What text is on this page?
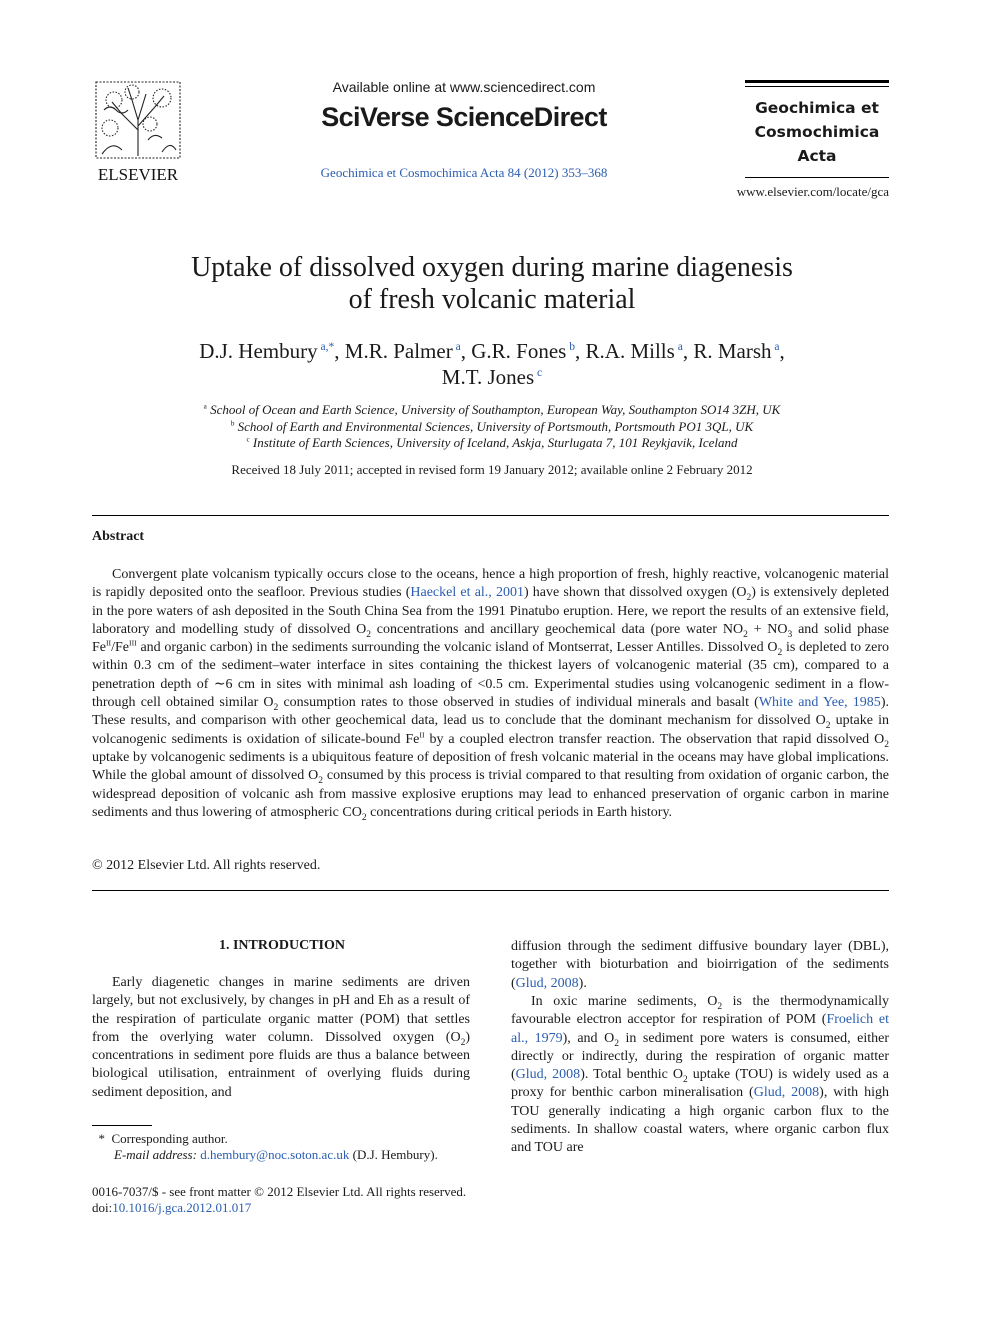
ELSEVIER
Available online at www.sciencedirect.com
SciVerse ScienceDirect
Geochimica et Cosmochimica Acta 84 (2012) 353–368
Geochimica et
Cosmochimica
Acta
www.elsevier.com/locate/gca
Uptake of dissolved oxygen during marine diagenesis
of fresh volcanic material
D.J. Hembury $^{a,*}$, M.R. Palmer $^a$, G.R. Fones $^b$, R.A. Mills $^a$, R. Marsh $^a$,
M.T. Jones $^c$
$^a$ School of Ocean and Earth Science, University of Southampton, European Way, Southampton SO14 3ZH, UK
$^b$ School of Earth and Environmental Sciences, University of Portsmouth, Portsmouth PO1 3QL, UK
$^c$ Institute of Earth Sciences, University of Iceland, Askja, Sturlugata 7, 101 Reykjavik, Iceland
Received 18 July 2011; accepted in revised form 19 January 2012; available online 2 February 2012
Abstract

Convergent plate volcanism typically occurs close to the oceans, hence a high proportion of fresh, highly reactive, volcanogenic material is rapidly deposited onto the seafloor. Previous studies (Haeckel et al., 2001) have shown that dissolved oxygen $(O_2)$ is extensively depleted in the pore waters of ash deposited in the South China Sea from the 1991 Pinatubo eruption. Here, we report the results of an extensive field, laboratory and modelling study of dissolved $O_2$ concentrations and ancillary geochemical data (pore water $NO_2 + NO_3$ and solid phase $Fe^{II}/Fe^{III}$ and organic carbon) in the sediments surrounding the volcanic island of Montserrat, Lesser Antilles. Dissolved $O_2$ is depleted to zero within 0.3 cm of the sediment–water interface in sites containing the thickest layers of volcanogenic material (35 cm), compared to a penetration depth of ∼6 cm in sites with minimal ash loading of <0.5 cm. Experimental studies using volcanogenic sediment in a flow-through cell obtained similar $O_2$ consumption rates to those observed in studies of individual minerals and basalt (White and Yee, 1985). These results, and comparison with other geochemical data, lead us to conclude that the dominant mechanism for dissolved $O_2$ uptake in volcanogenic sediments is oxidation of silicate-bound $Fe^{II}$ by a coupled electron transfer reaction. The observation that rapid dissolved $O_2$ uptake by volcanogenic sediments is a ubiquitous feature of deposition of fresh volcanic material in the oceans may have global implications. While the global amount of dissolved $O_2$ consumed by this process is trivial compared to that resulting from oxidation of organic carbon, the widespread deposition of volcanic ash from massive explosive eruptions may lead to enhanced preservation of organic carbon in marine sediments and thus lowering of atmospheric $CO_2$ concentrations during critical periods in Earth history.

© 2012 Elsevier Ltd. All rights reserved.
1. INTRODUCTION

Early diagenetic changes in marine sediments are driven largely, but not exclusively, by changes in pH and Eh as a result of the respiration of particulate organic matter (POM) that settles from the overlying water column. Dissolved oxygen $(O_2)$ concentrations in sediment pore fluids are thus a balance between biological utilisation, entrainment of overlying fluids during sediment deposition, and

diffusion through the sediment diffusive boundary layer (DBL), together with bioturbation and bioirrigation of the sediments (Glud, 2008).

In oxic marine sediments, $O_2$ is the thermodynamically favourable electron acceptor for respiration of POM (Froelich et al., 1979), and $O_2$ in sediment pore waters is consumed, either directly or indirectly, during the respiration of organic matter (Glud, 2008). Total benthic $O_2$ uptake (TOU) is widely used as a proxy for benthic carbon mineralisation (Glud, 2008), with high TOU generally indicating a high organic carbon flux to the sediments. In shallow coastal waters, where organic carbon flux and TOU are

* Corresponding author.
E-mail address: d.hembury@noc.soton.ac.uk (D.J. Hembury).
0016-7037/$ - see front matter © 2012 Elsevier Ltd. All rights reserved.
doi:10.1016/j.gca.2012.01.017
